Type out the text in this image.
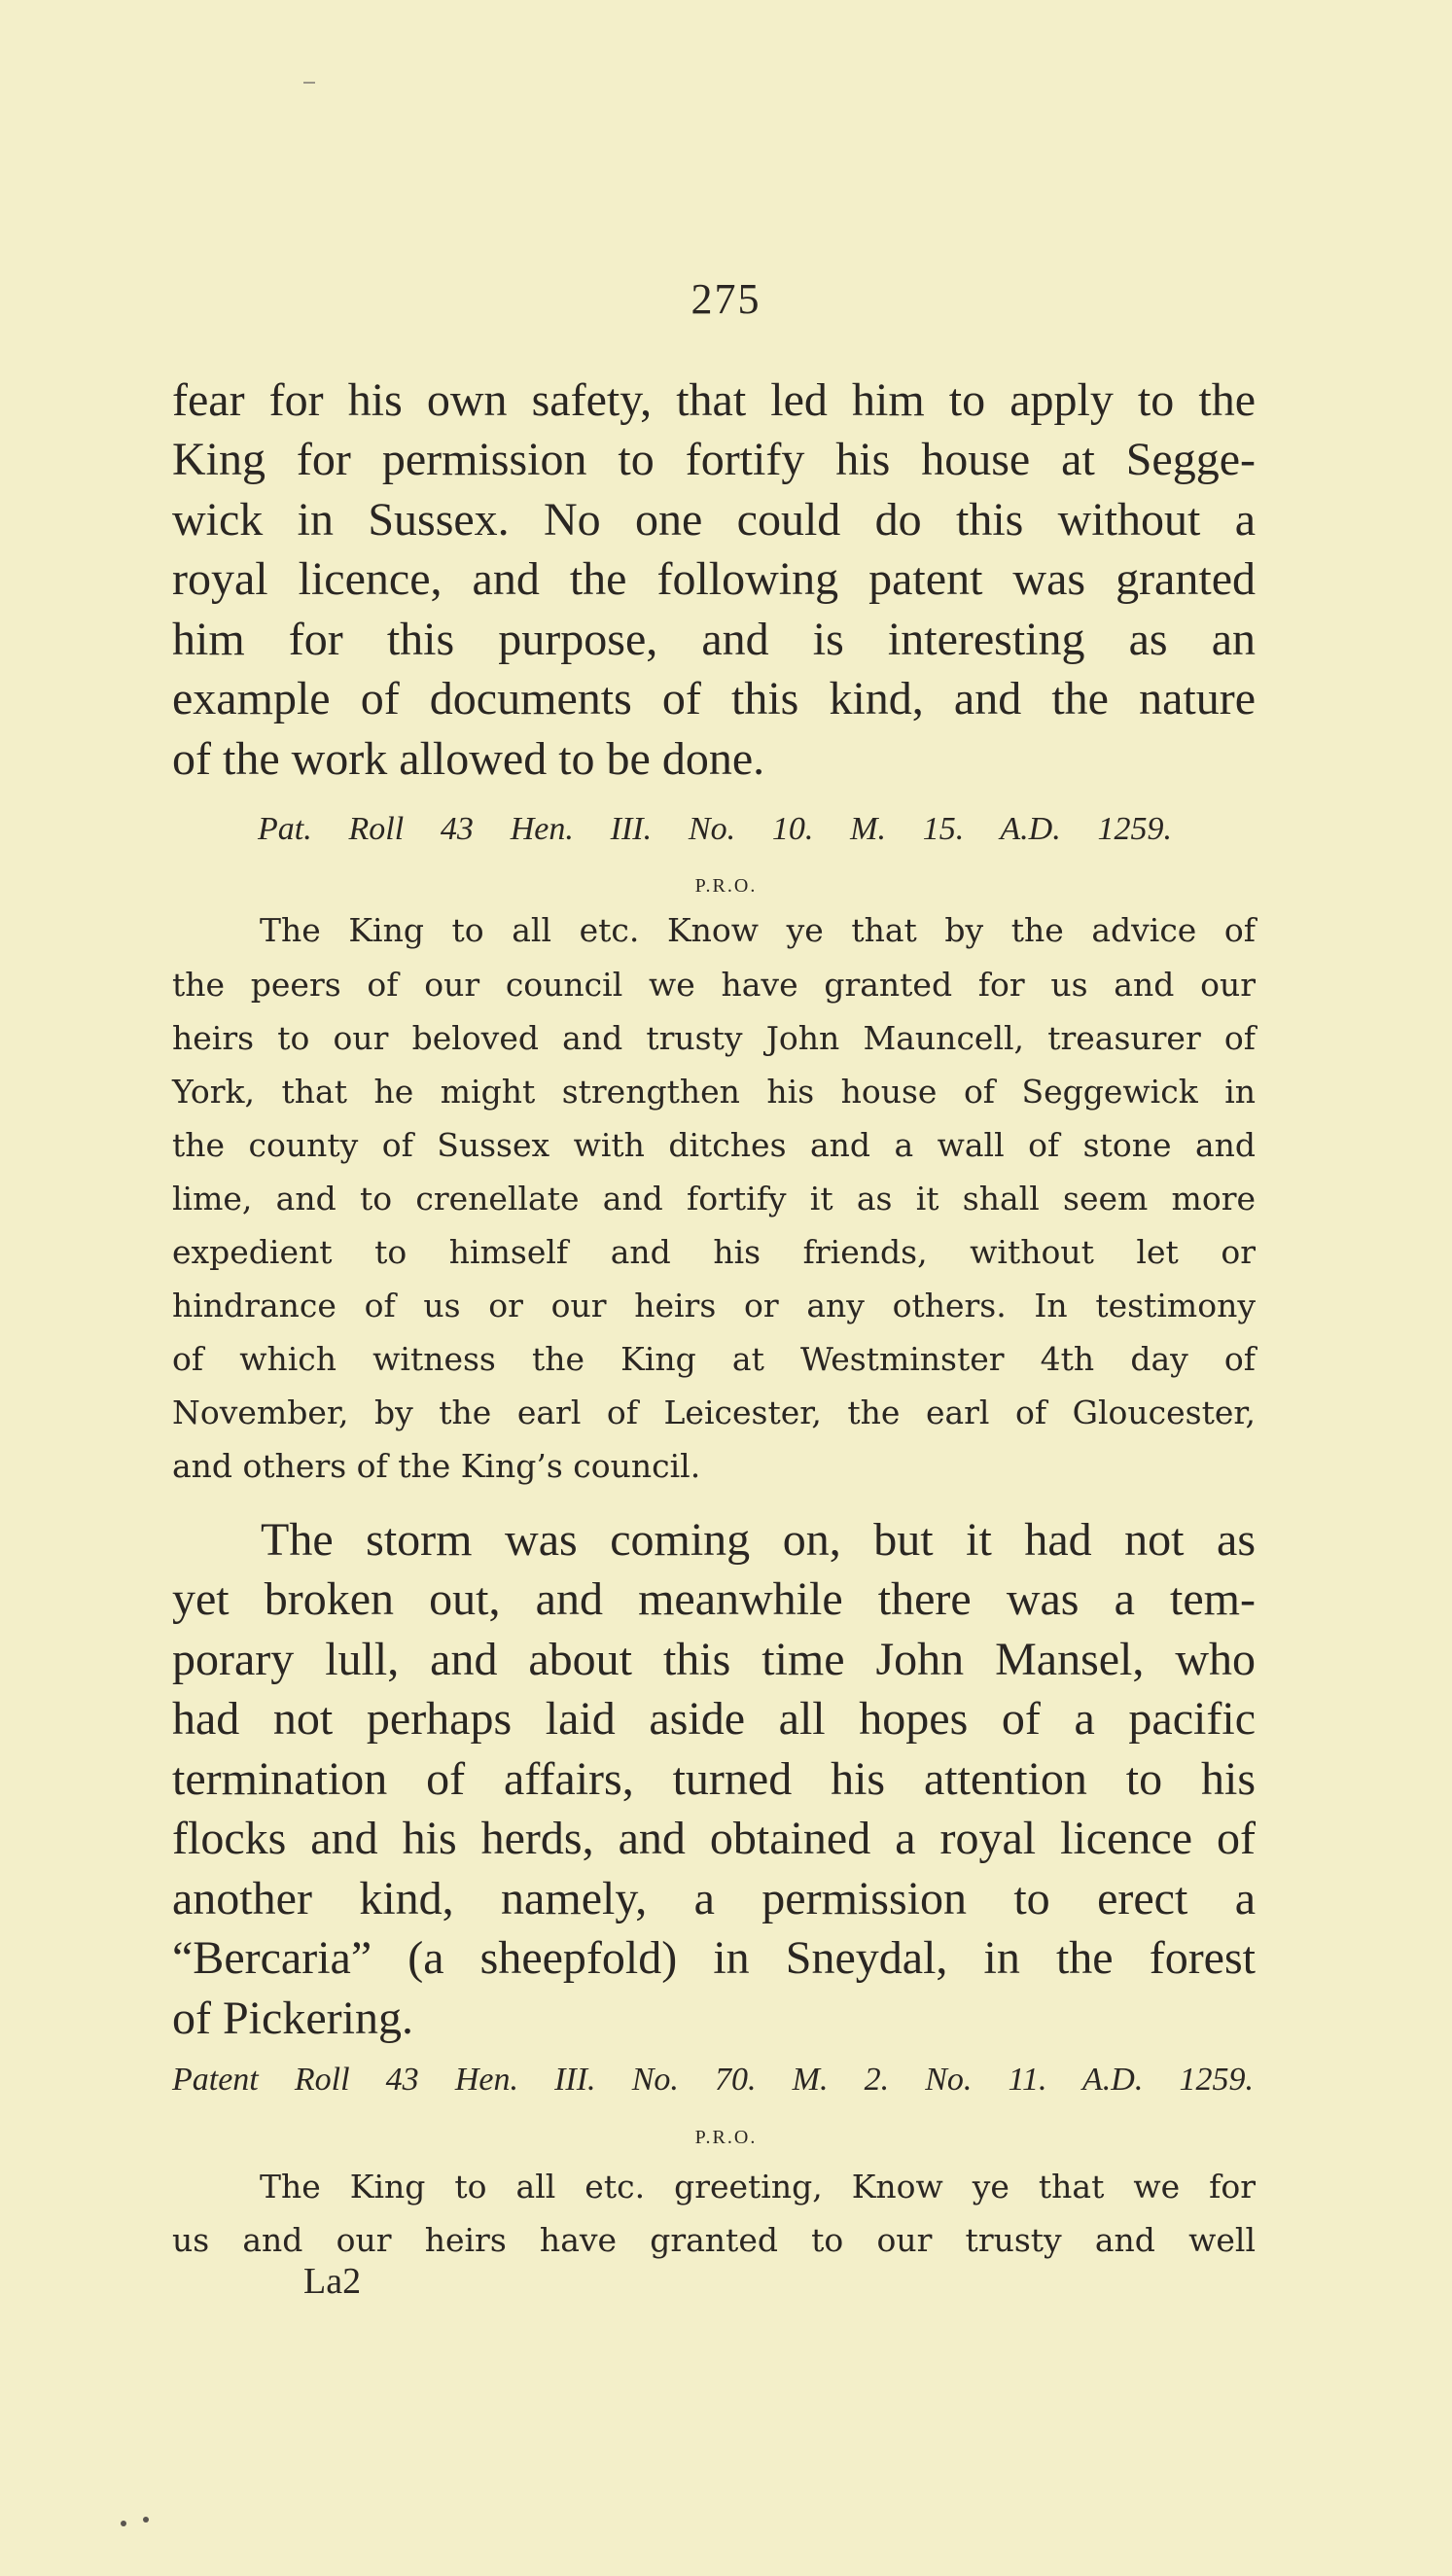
275
fear for his own safety, that led him to apply to the
King for permission to fortify his house at Segge-
wick in Sussex. No one could do this without a
royal licence, and the following patent was granted
him for this purpose, and is interesting as an
example of documents of this kind, and the nature
of the work allowed to be done.
Pat. Roll 43 Hen. III. No. 10. M. 15. A.D. 1259.
P.R.O.
The King to all etc. Know ye that by the advice of
the peers of our council we have granted for us and our
heirs to our beloved and trusty John Mauncell, treasurer of
York, that he might strengthen his house of Seggewick in
the county of Sussex with ditches and a wall of stone and
lime, and to crenellate and fortify it as it shall seem more
expedient to himself and his friends, without let or
hindrance of us or our heirs or any others. In testimony
of which witness the King at Westminster 4th day of
November, by the earl of Leicester, the earl of Gloucester,
and others of the King’s council.
The storm was coming on, but it had not as
yet broken out, and meanwhile there was a tem-
porary lull, and about this time John Mansel, who
had not perhaps laid aside all hopes of a pacific
termination of affairs, turned his attention to his
flocks and his herds, and obtained a royal licence of
another kind, namely, a permission to erect a
“Bercaria” (a sheepfold) in Sneydal, in the forest
of Pickering.
Patent Roll 43 Hen. III. No. 70. M. 2. No. 11. A.D. 1259.
P.R.O.
The King to all etc. greeting, Know ye that we for
us and our heirs have granted to our trusty and well
La2
